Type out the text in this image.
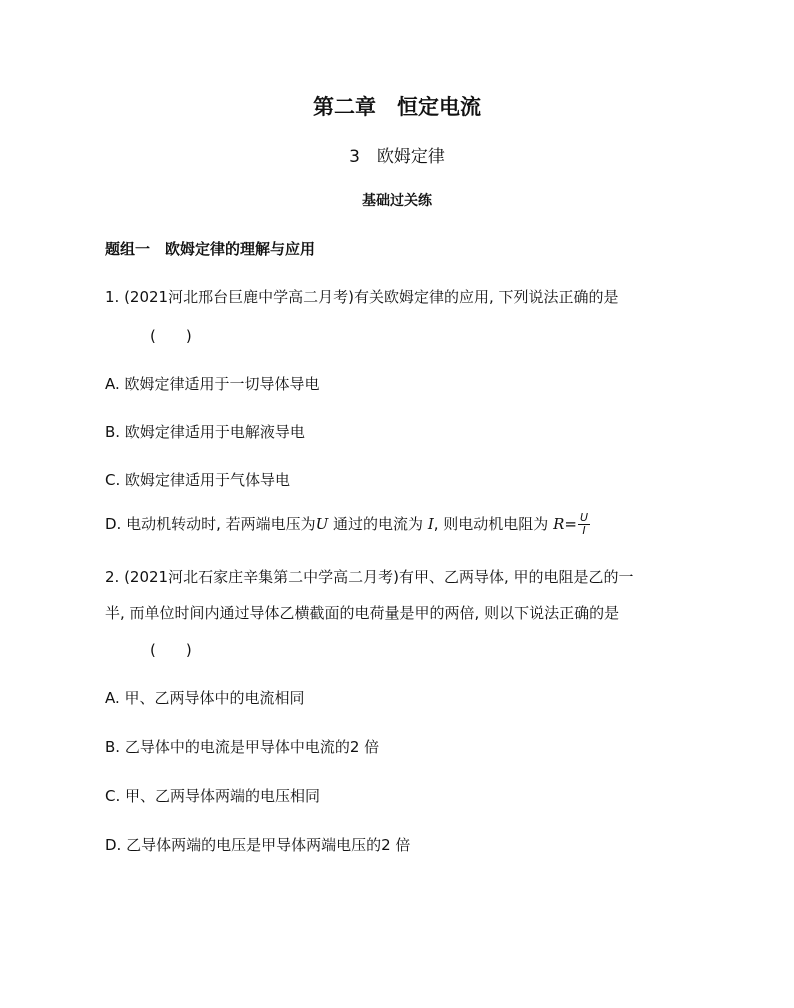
第二章　恒定电流
3　欧姆定律
基础过关练
题组一　欧姆定律的理解与应用
1. (2021河北邢台巨鹿中学高二月考)有关欧姆定律的应用, 下列说法正确的是
(　　)
A. 欧姆定律适用于一切导体导电
B. 欧姆定律适用于电解液导电
C. 欧姆定律适用于气体导电
D. 电动机转动时, 若两端电压为U 通过的电流为 I, 则电动机电阻为 $R= \frac{U}{I}$
2. (2021河北石家庄辛集第二中学高二月考)有甲、乙两导体, 甲的电阻是乙的一
半, 而单位时间内通过导体乙横截面的电荷量是甲的两倍, 则以下说法正确的是
(　　)
A. 甲、乙两导体中的电流相同
B. 乙导体中的电流是甲导体中电流的2 倍
C. 甲、乙两导体两端的电压相同
D. 乙导体两端的电压是甲导体两端电压的2 倍
